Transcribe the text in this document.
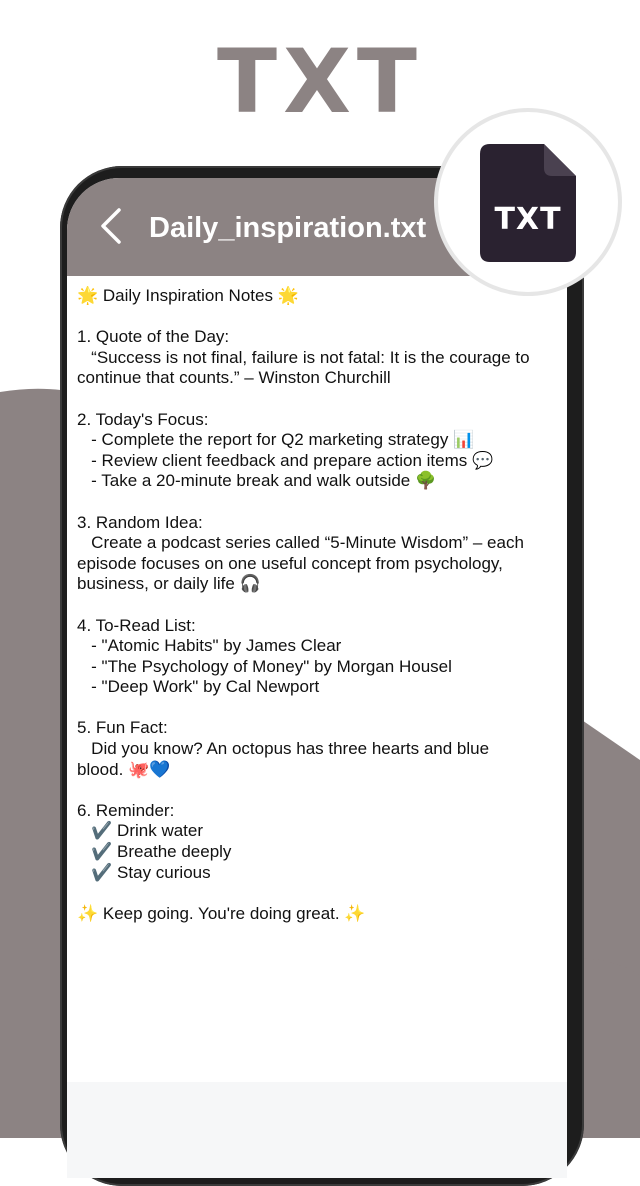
TXT
Daily_inspiration.txt

🌟 Daily Inspiration Notes 🌟

1. Quote of the Day:

“Success is not final, failure is not fatal: It is the courage to

continue that counts.” – Winston Churchill

2. Today's Focus:

- Complete the report for Q2 marketing strategy 📊

- Review client feedback and prepare action items 💬

- Take a 20-minute break and walk outside 🌳

3. Random Idea:

Create a podcast series called “5-Minute Wisdom” – each

episode focuses on one useful concept from psychology,

business, or daily life 🎧

4. To-Read List:

- "Atomic Habits" by James Clear

- "The Psychology of Money" by Morgan Housel

- "Deep Work" by Cal Newport

5. Fun Fact:

Did you know? An octopus has three hearts and blue

blood. 🐙💙

6. Reminder:

✔️ Drink water

✔️ Breathe deeply

✔️ Stay curious

✨ Keep going. You're doing great. ✨

TXT
